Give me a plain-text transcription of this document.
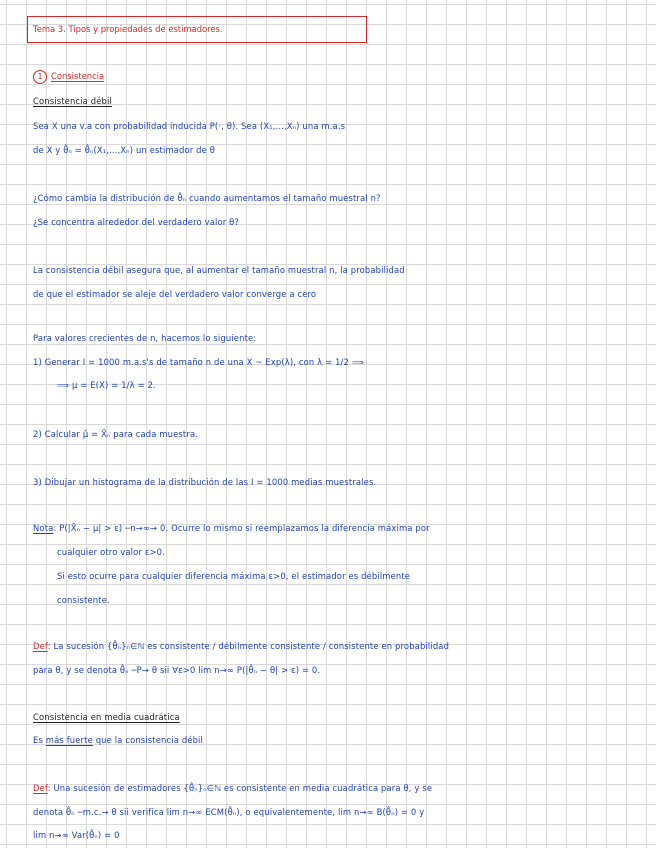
Tema 3. Tipos y propiedades de estimadores.
1 Consistencia
Consistencia débil
Sea X una v.a con probabilidad inducida P(·, θ). Sea (X₁,...,Xₙ) una m.a.s
de X y θ̂ₙ = θ̂ₙ(X₁,...,Xₙ) un estimador de θ
¿Cómo cambia la distribución de θ̂ₙ cuando aumentamos el tamaño muestral n?
¿Se concentra alrededor del verdadero valor θ?
La consistencia débil asegura que, al aumentar el tamaño muestral n, la probabilidad
de que el estimador se aleje del verdadero valor converge a cero
Para valores crecientes de n, hacemos lo siguiente:
1) Generar I = 1000 m.a.s's de tamaño n de una X ~ Exp(λ), con λ = 1/2 ⟹
⟹ μ = E(X) = 1/λ = 2.
2) Calcular μ̂ = X̄ₙ para cada muestra.
3) Dibujar un histograma de la distribución de las I = 1000 medias muestrales.
Nota: P(|X̄ₙ − μ| > ε) ─n→∞→ 0. Ocurre lo mismo si reemplazamos la diferencia máxima por
cualquier otro valor ε>0.
Si esto ocurre para cualquier diferencia máxima ε>0, el estimador es débilmente
consistente.
Def: La sucesión {θ̂ₙ}ₙ∈ℕ es consistente / débilmente consistente / consistente en probabilidad
para θ, y se denota θ̂ₙ ─P→ θ sii ∀ε>0 lim n→∞ P(|θ̂ₙ − θ| > ε) = 0.
Consistencia en media cuadrática
Es más fuerte que la consistencia débil
Def: Una sucesión de estimadores {θ̂ₙ}ₙ∈ℕ es consistente en media cuadrática para θ, y se
denota θ̂ₙ ─m.c.→ θ sii verifica lim n→∞ ECM(θ̂ₙ), o equivalentemente, lim n→∞ B(θ̂ₙ) = 0 y
lim n→∞ Var(θ̂ₙ) = 0
